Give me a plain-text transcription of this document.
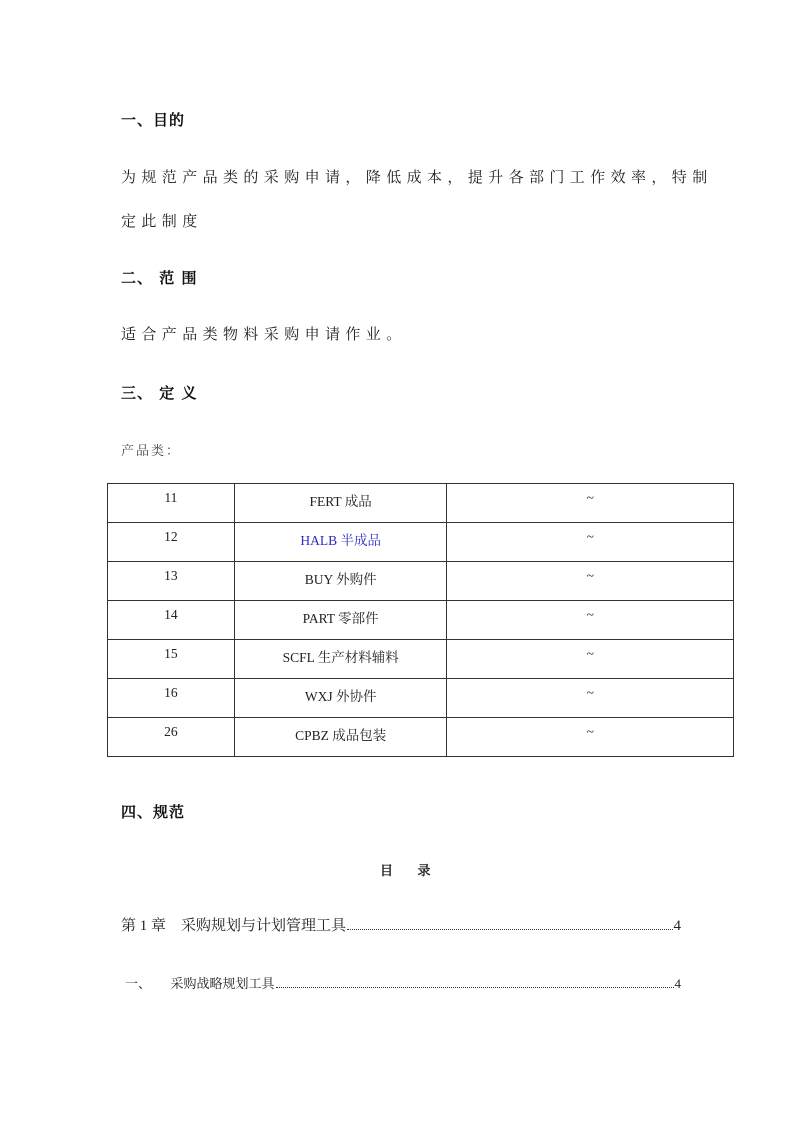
一、目的
为规范产品类的采购申请，降低成本，提升各部门工作效率，特制
定此制度
二、 范 围
适合产品类物料采购申请作业。
三、 定 义
产品类：
11	FERT 成品	~
12	HALB 半成品	~
13	BUY 外购件	~
14	PART 零部件	~
15	SCFL 生产材料辅料	~
16	WXJ 外协件	~
26	CPBZ 成品包装	~
四、规范
目 录
第 1 章　采购规划与计划管理工具	4
一、　　采购战略规划工具	4
